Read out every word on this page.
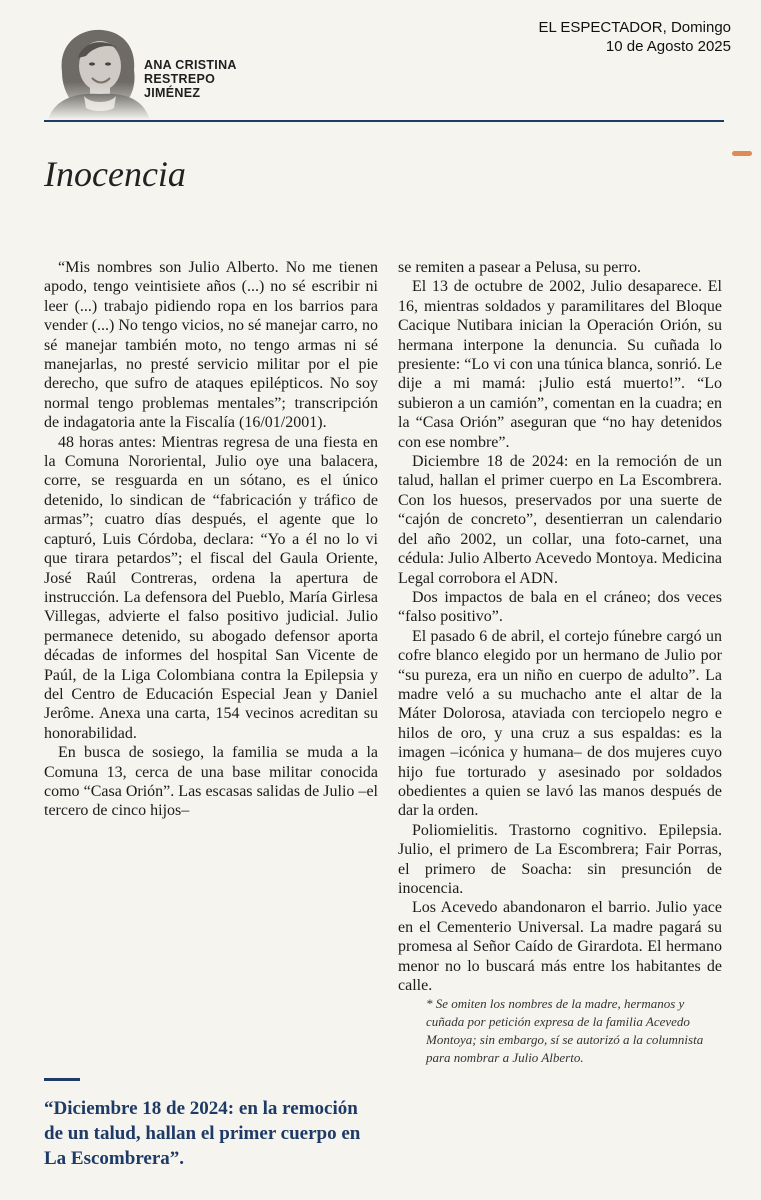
EL ESPECTADOR, Domingo
10 de Agosto 2025
ANA CRISTINA
RESTREPO
JIMÉNEZ
Inocencia

“Mis nombres son Julio Alberto. No me tienen apodo, tengo veintisiete años (...) no sé escribir ni leer (...) trabajo pidiendo ropa en los barrios para vender (...) No tengo vicios, no sé manejar carro, no sé manejar también moto, no tengo armas ni sé manejarlas, no presté servicio militar por el pie derecho, que sufro de ataques epilépticos. No soy normal tengo problemas mentales”; transcripción de indagatoria ante la Fiscalía (16/01/2001).

48 horas antes: Mientras regresa de una fiesta en la Comuna Nororiental, Julio oye una balacera, corre, se resguarda en un sótano, es el único detenido, lo sindican de “fabricación y tráfico de armas”; cuatro días después, el agente que lo capturó, Luis Córdoba, declara: “Yo a él no lo vi que tirara petardos”; el fiscal del Gaula Oriente, José Raúl Contreras, ordena la apertura de instrucción. La defensora del Pueblo, María Girlesa Villegas, advierte el falso positivo judicial. Julio permanece detenido, su abogado defensor aporta décadas de informes del hospital San Vicente de Paúl, de la Liga Colombiana contra la Epilepsia y del Centro de Educación Especial Jean y Daniel Jerôme. Anexa una carta, 154 vecinos acreditan su honorabilidad.

En busca de sosiego, la familia se muda a la Comuna 13, cerca de una base militar conocida como “Casa Orión”. Las escasas salidas de Julio –el tercero de cinco hijos–

“Diciembre 18 de 2024: en la remoción de un talud, hallan el primer cuerpo en La Escombrera”.

se remiten a pasear a Pelusa, su perro.

El 13 de octubre de 2002, Julio desaparece. El 16, mientras soldados y paramilitares del Bloque Cacique Nutibara inician la Operación Orión, su hermana interpone la denuncia. Su cuñada lo presiente: “Lo vi con una túnica blanca, sonrió. Le dije a mi mamá: ¡Julio está muerto!”. “Lo subieron a un camión”, comentan en la cuadra; en la “Casa Orión” aseguran que “no hay detenidos con ese nombre”.

Diciembre 18 de 2024: en la remoción de un talud, hallan el primer cuerpo en La Escombrera. Con los huesos, preservados por una suerte de “cajón de concreto”, desentierran un calendario del año 2002, un collar, una foto-carnet, una cédula: Julio Alberto Acevedo Montoya. Medicina Legal corrobora el ADN.

Dos impactos de bala en el cráneo; dos veces “falso positivo”.

El pasado 6 de abril, el cortejo fúnebre cargó un cofre blanco elegido por un hermano de Julio por “su pureza, era un niño en cuerpo de adulto”. La madre veló a su muchacho ante el altar de la Máter Dolorosa, ataviada con terciopelo negro e hilos de oro, y una cruz a sus espaldas: es la imagen –icónica y humana– de dos mujeres cuyo hijo fue torturado y asesinado por soldados obedientes a quien se lavó las manos después de dar la orden.

Poliomielitis. Trastorno cognitivo. Epilepsia. Julio, el primero de La Escombrera; Fair Porras, el primero de Soacha: sin presunción de inocencia.

Los Acevedo abandonaron el barrio. Julio yace en el Cementerio Universal. La madre pagará su promesa al Señor Caído de Girardota. El hermano menor no lo buscará más entre los habitantes de calle.

* Se omiten los nombres de la madre, hermanos y cuñada por petición expresa de la familia Acevedo Montoya; sin embargo, sí se autorizó a la columnista para nombrar a Julio Alberto.
